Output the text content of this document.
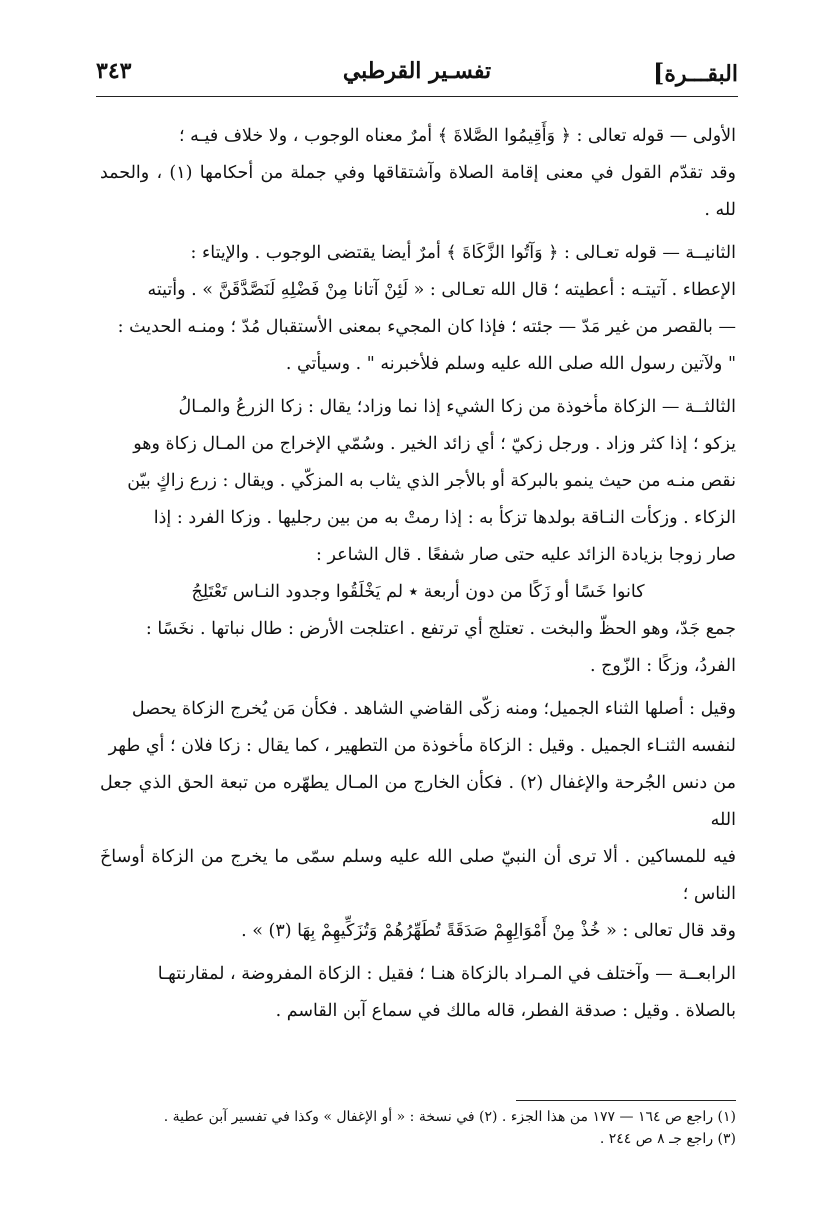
البقـــرة]
تفسـير القرطبي
٣٤٣

الأولى — قوله تعالى : ﴿ وَأَقِيمُوا الصَّلاةَ ﴾ أمرٌ معناه الوجوب ، ولا خلاف فيـه ؛

وقد تقدّم القول في معنى إقامة الصلاة وآشتقاقها وفي جملة من أحكامها (١) ، والحمد لله .

الثانيــة — قوله تعـالى : ﴿ وَآتُوا الزَّكَاةَ ﴾ أمرٌ أيضا يقتضى الوجوب . والإيتاء :

الإعطاء . آتيتـه : أعطيته ؛ قال الله تعـالى : « لَئِنْ آتانا مِنْ فَضْلِهِ لَنَصَّدَّقَنَّ » . وأتيته

— بالقصر من غير مَدّ — جئته ؛ فإذا كان المجيء بمعنى الأستقبال مُدّ ؛ ومنـه الحديث :

" ولآتين رسول الله صلى الله عليه وسلم فلأخبرنه " . وسيأتي .

الثالثــة — الزكاة مأخوذة من زكا الشيء إذا نما وزاد؛ يقال : زكا الزرعُ والمـالُ

يزكو ؛ إذا كثر وزاد . ورجل زكيّ ؛ أي زائد الخير . وسُمّي الإخراج من المـال زكاة وهو

نقص منـه من حيث ينمو بالبركة أو بالأجر الذي يثاب به المزكّي . ويقال : زرع زاكٍ بيّن

الزكاء . وزكأت النـاقة بولدها تزكأ به : إذا رمتْ به من بين رجليها . وزكا الفرد : إذا

صار زوجا بزيادة الزائد عليه حتى صار شفعًا . قال الشاعر :

كانوا خَسًا أو زَكًا من دون أربعة ٭ لم يَخْلَقُوا وجدود النـاس تَعْتَلِجُ

جمع جَدّ، وهو الحظّ والبخت . تعتلج أي ترتفع . اعتلجت الأرض : طال نباتها . نخَسًا :

الفردُ، وزكًا : الزّوج .

وقيل : أصلها الثناء الجميل؛ ومنه زكّى القاضي الشاهد . فكأن مَن يُخرج الزكاة يحصل

لنفسه الثنـاء الجميل . وقيل : الزكاة مأخوذة من التطهير ، كما يقال : زكا فلان ؛ أي طهر

من دنس الجُرحة والإغفال (٢) . فكأن الخارج من المـال يطهّره من تبعة الحق الذي جعل الله

فيه للمساكين . ألا ترى أن النبيّ صلى الله عليه وسلم سمّى ما يخرج من الزكاة أوساخَ الناس ؛

وقد قال تعالى : « خُذْ مِنْ أَمْوَالِهِمْ صَدَقَةً تُطَهِّرُهُمْ وَتُزَكِّيهِمْ بِهَا (٣) » .

الرابعــة — وآختلف في المـراد بالزكاة هنـا ؛ فقيل : الزكاة المفروضة ، لمقارنتهـا

بالصلاة . وقيل : صدقة الفطر، قاله مالك في سماع آبن القاسم .

(١) راجع ص ١٦٤ — ١٧٧ من هذا الجزء . (٢) في نسخة : « أو الإغفال » وكذا في تفسير آبن عطية .

(٣) راجع جـ ٨ ص ٢٤٤ .
